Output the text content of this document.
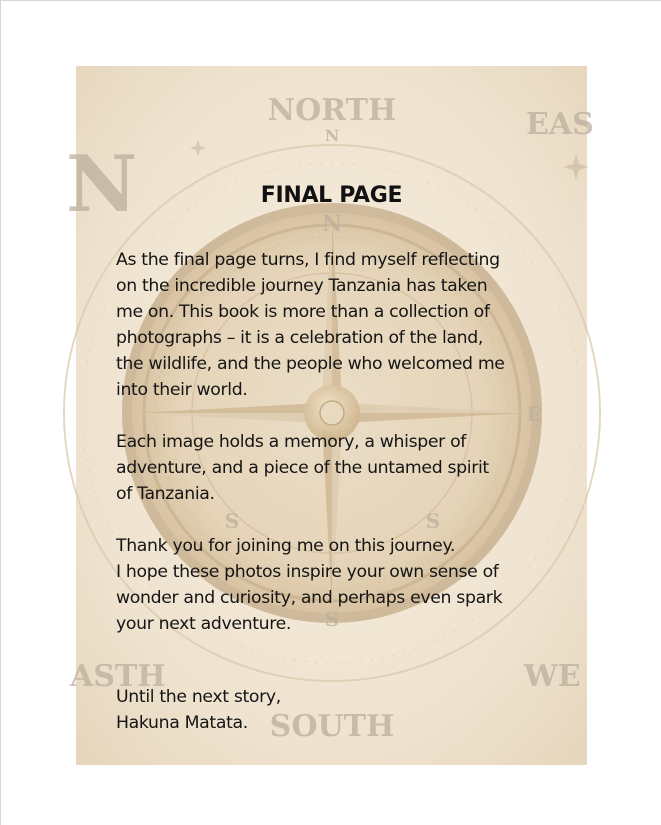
NORTH
N
N
EAS
N
E
S	S
S
ASTH	WE
SOUTH
FINAL PAGE

As the final page turns, I find myself reflecting
on the incredible journey Tanzania has taken
me on. This book is more than a collection of
photographs – it is a celebration of the land,
the wildlife, and the people who welcomed me
into their world.

Each image holds a memory, a whisper of
adventure, and a piece of the untamed spirit
of Tanzania.

Thank you for joining me on this journey.
I hope these photos inspire your own sense of
wonder and curiosity, and perhaps even spark
your next adventure.

Until the next story,
Hakuna Matata.
